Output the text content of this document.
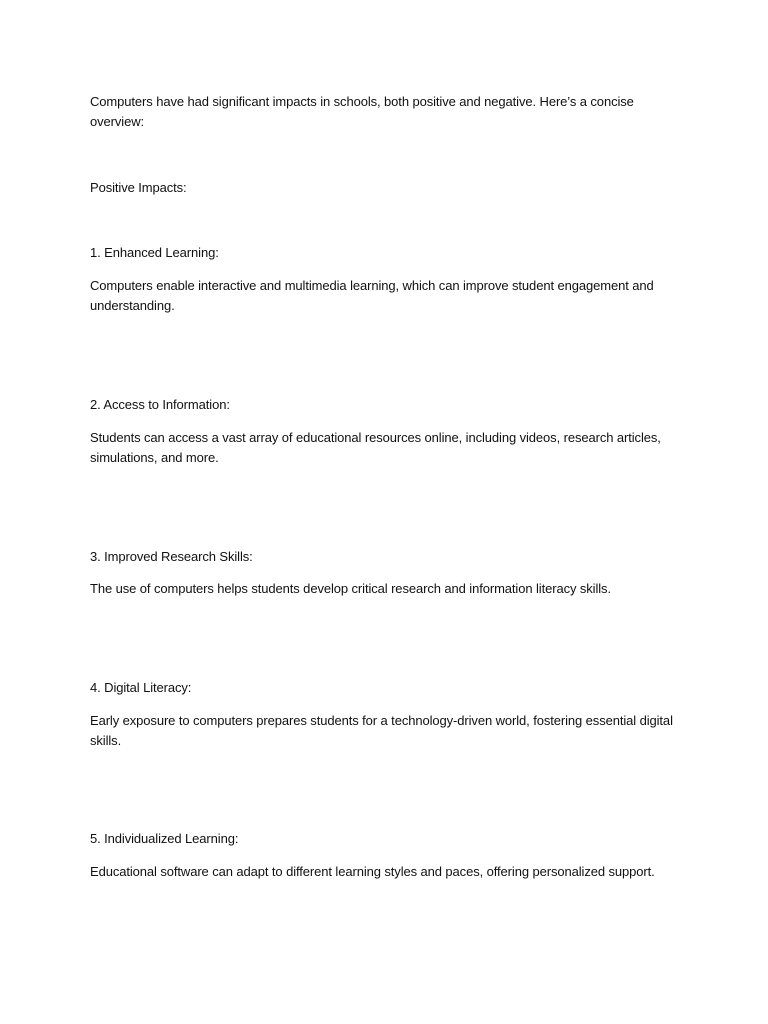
Computers have had significant impacts in schools, both positive and negative. Here’s a concise overview:

Positive Impacts:

1. Enhanced Learning:

Computers enable interactive and multimedia learning, which can improve student engagement and understanding.

2. Access to Information:

Students can access a vast array of educational resources online, including videos, research articles, simulations, and more.

3. Improved Research Skills:

The use of computers helps students develop critical research and information literacy skills.

4. Digital Literacy:

Early exposure to computers prepares students for a technology-driven world, fostering essential digital skills.

5. Individualized Learning:

Educational software can adapt to different learning styles and paces, offering personalized support.
